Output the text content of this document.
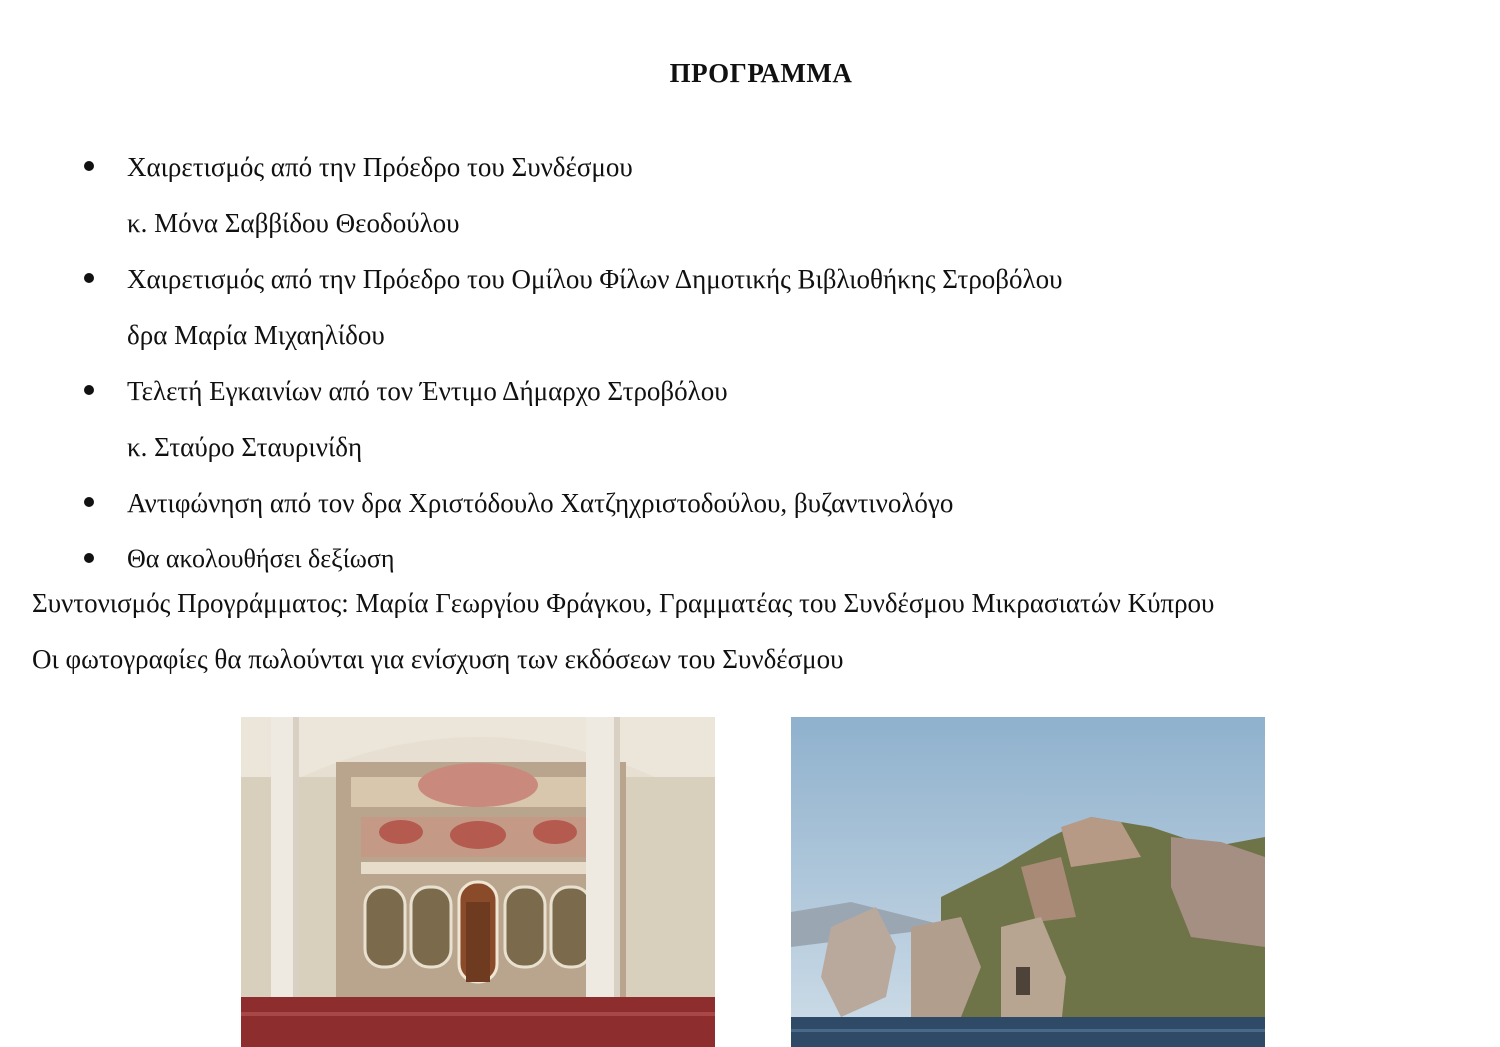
ΠΡΟΓΡΑΜΜΑ
Χαιρετισμός από την Πρόεδρο του Συνδέσμου
κ. Μόνα Σαββίδου Θεοδούλου
Χαιρετισμός από την Πρόεδρο του Ομίλου Φίλων Δημοτικής Βιβλιοθήκης Στροβόλου
δρα Μαρία Μιχαηλίδου
Τελετή Εγκαινίων από τον Έντιμο Δήμαρχο Στροβόλου
κ. Σταύρο Σταυρινίδη
Αντιφώνηση από τον δρα Χριστόδουλο Χατζηχριστοδούλου, βυζαντινολόγο
Θα ακολουθήσει δεξίωση
Συντονισμός Προγράμματος: Μαρία Γεωργίου Φράγκου, Γραμματέας του Συνδέσμου Μικρασιατών Κύπρου
Οι φωτογραφίες θα πωλούνται για ενίσχυση των εκδόσεων του Συνδέσμου
